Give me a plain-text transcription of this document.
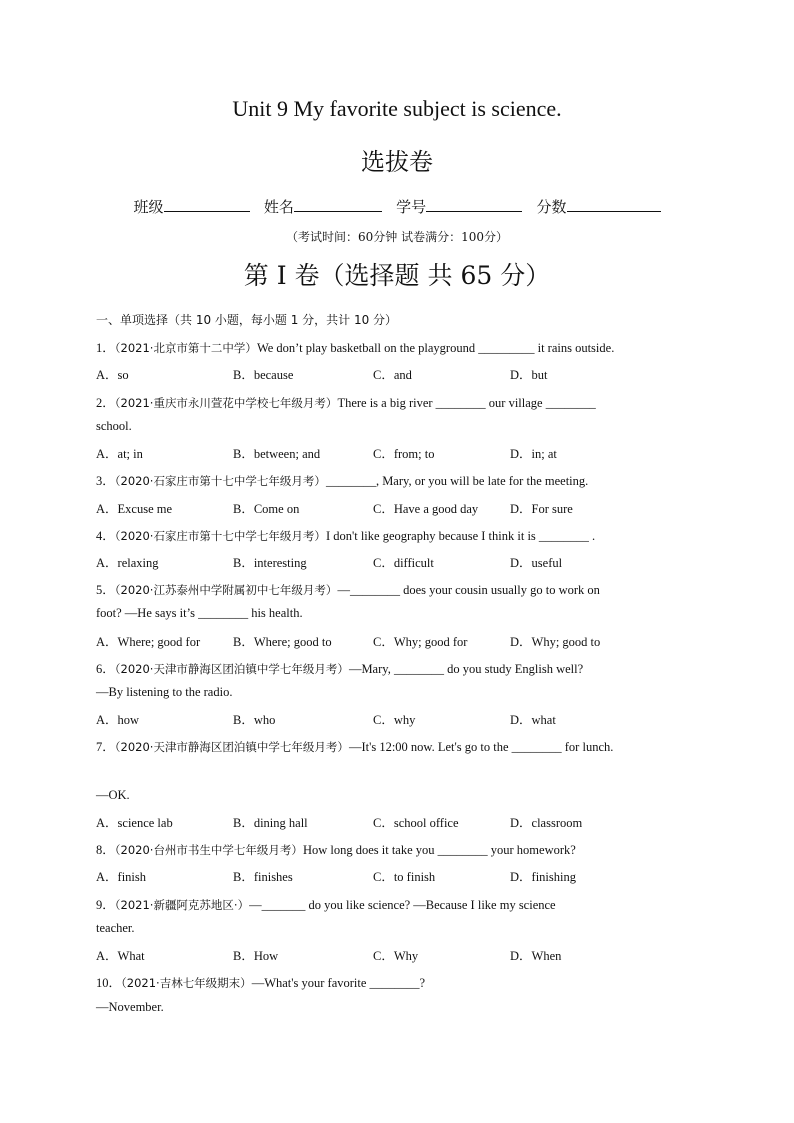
Unit 9 My favorite subject is science.
选拔卷
班级	姓名	学号	分数
（考试时间：60分钟 试卷满分：100分）
第 I 卷（选择题 共 65 分）
一、单项选择（共 10 小题，每小题 1 分，共计 10 分）
1．（2021·北京市第十二中学）We don’t play basketball on the playground _________ it rains outside.
A．so	B．because	C．and	D．but
2．（2021·重庆市永川萱花中学校七年级月考）There is a big river ________ our village ________
school.
A．at; in	B．between; and	C．from; to	D．in; at
3．（2020·石家庄市第十七中学七年级月考）________, Mary, or you will be late for the meeting.
A．Excuse me	B．Come on	C．Have a good day	D．For sure
4．（2020·石家庄市第十七中学七年级月考）I don't like geography because I think it is ________ .
A．relaxing	B．interesting	C．difficult	D．useful
5．（2020·江苏泰州中学附属初中七年级月考）—________ does your cousin usually go to work on
foot? —He says it’s ________ his health.
A．Where; good for	B．Where; good to	C．Why; good for	D．Why; good to
6．（2020·天津市静海区团泊镇中学七年级月考）—Mary, ________ do you study English well?
—By listening to the radio.
A．how	B．who	C．why	D．what
7．（2020·天津市静海区团泊镇中学七年级月考）—It's 12:00 now. Let's go to the ________ for lunch.
—OK.
A．science lab	B．dining hall	C．school office	D．classroom
8．（2020·台州市书生中学七年级月考）How long does it take you ________ your homework?
A．finish	B．finishes	C．to finish	D．finishing
9．（2021·新疆阿克苏地区·）—_______ do you like science? —Because I like my science
teacher.
A．What	B．How	C．Why	D．When
10．（2021·吉林七年级期末）—What's your favorite ________?
—November.
